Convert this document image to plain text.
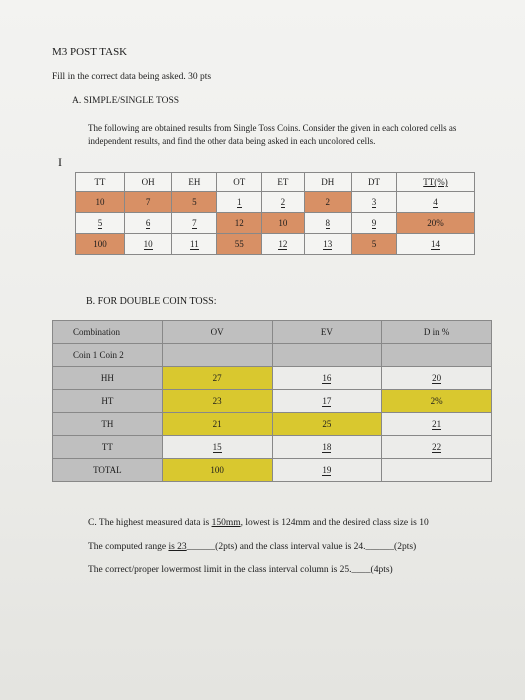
M3 POST TASK
Fill in the correct data being asked. 30 pts
A. SIMPLE/SINGLE TOSS
The following are obtained results from Single Toss Coins. Consider the given in each colored cells as independent results, and find the other data being asked in each uncolored cells.
I
TT	OH	EH	OT	ET	DH	DT	TT(%)
10	7	5	1	2	2	3	4
5	6	7	12	10	8	9	20%
100	10	11	55	12	13	5	14
B. FOR DOUBLE COIN TOSS:
Combination	OV	EV	D in %
Coin 1 Coin 2			
HH	27	16	20
HT	23	17	2%
TH	21	25	21
TT	15	18	22
TOTAL	100	19	
C. The highest measured data is 150mm, lowest is 124mm and the desired class size is 10
The computed range is 23______(2pts) and the class interval value is 24.______(2pts)
The correct/proper lowermost limit in the class interval column is 25.____(4pts)
